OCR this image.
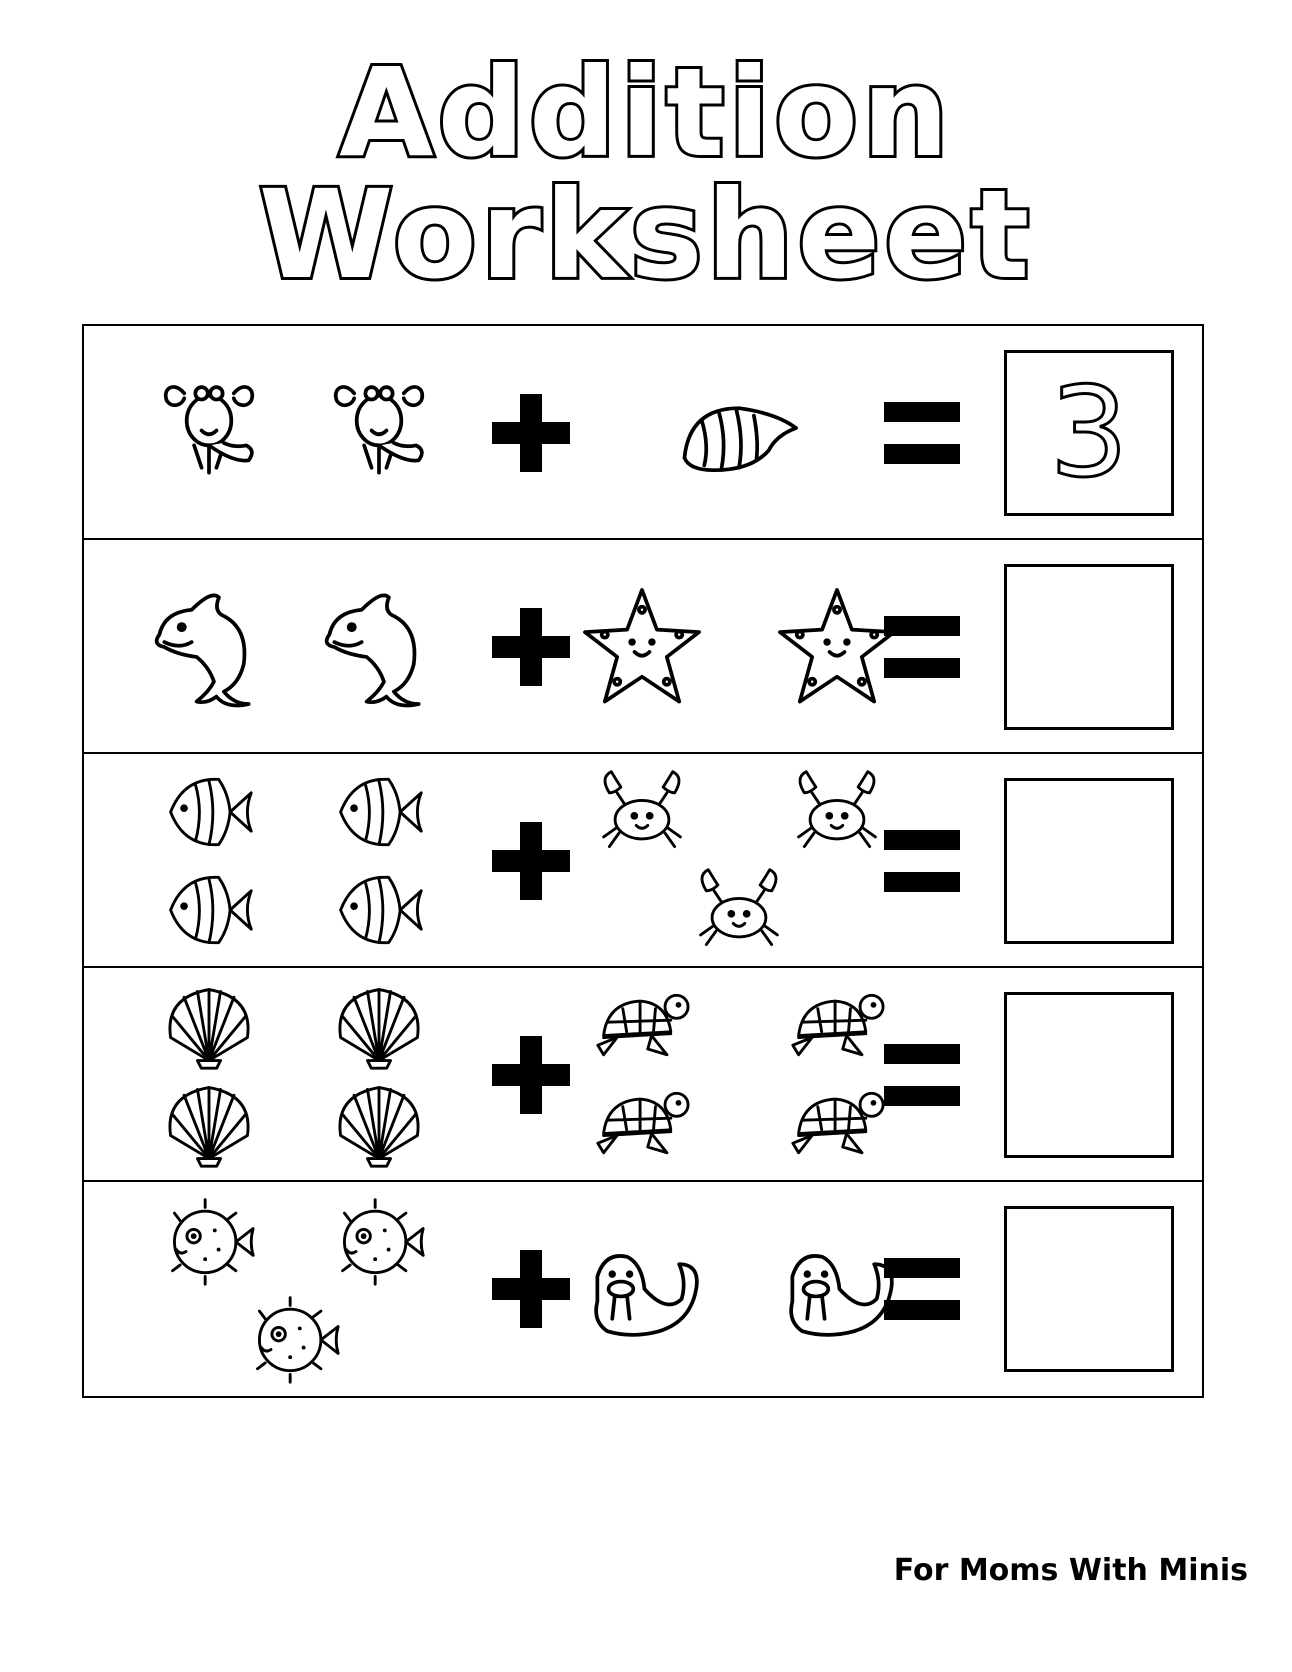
Addition Worksheet
3
For Moms With Minis
